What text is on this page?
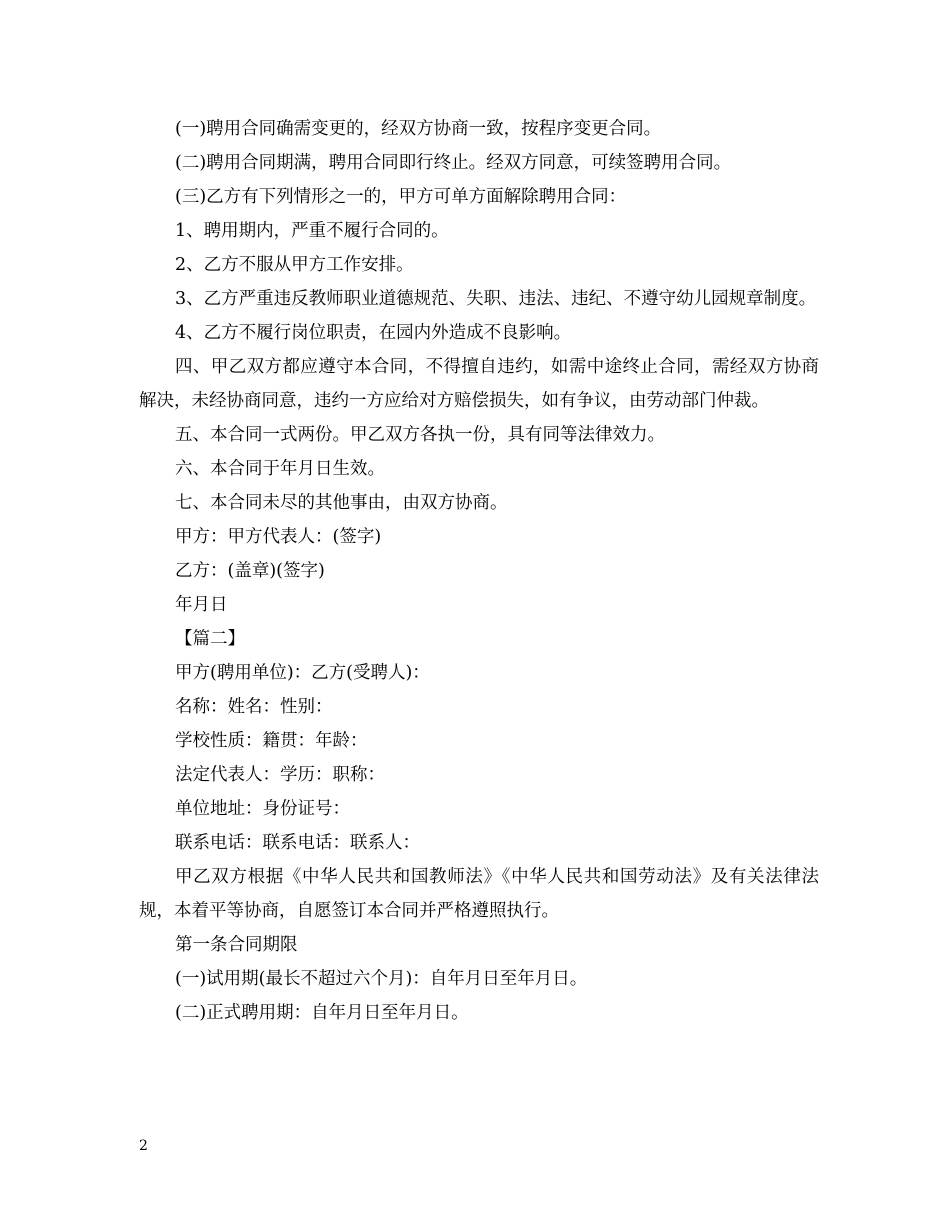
(一)聘用合同确需变更的，经双方协商一致，按程序变更合同。

(二)聘用合同期满，聘用合同即行终止。经双方同意，可续签聘用合同。

(三)乙方有下列情形之一的，甲方可单方面解除聘用合同：

1、聘用期内，严重不履行合同的。

2、乙方不服从甲方工作安排。

3、乙方严重违反教师职业道德规范、失职、违法、违纪、不遵守幼儿园规章制度。

4、乙方不履行岗位职责，在园内外造成不良影响。

四、甲乙双方都应遵守本合同，不得擅自违约，如需中途终止合同，需经双方协商解决，未经协商同意，违约一方应给对方赔偿损失，如有争议，由劳动部门仲裁。

五、本合同一式两份。甲乙双方各执一份，具有同等法律效力。

六、本合同于年月日生效。

七、本合同未尽的其他事由，由双方协商。

甲方：甲方代表人：(签字)

乙方：(盖章)(签字)

年月日

【篇二】

甲方(聘用单位)：乙方(受聘人)：

名称：姓名：性别：

学校性质：籍贯：年龄：

法定代表人：学历：职称：

单位地址：身份证号：

联系电话：联系电话：联系人：

甲乙双方根据《中华人民共和国教师法》《中华人民共和国劳动法》及有关法律法规，本着平等协商，自愿签订本合同并严格遵照执行。

第一条合同期限

(一)试用期(最长不超过六个月)：自年月日至年月日。

(二)正式聘用期：自年月日至年月日。

2
